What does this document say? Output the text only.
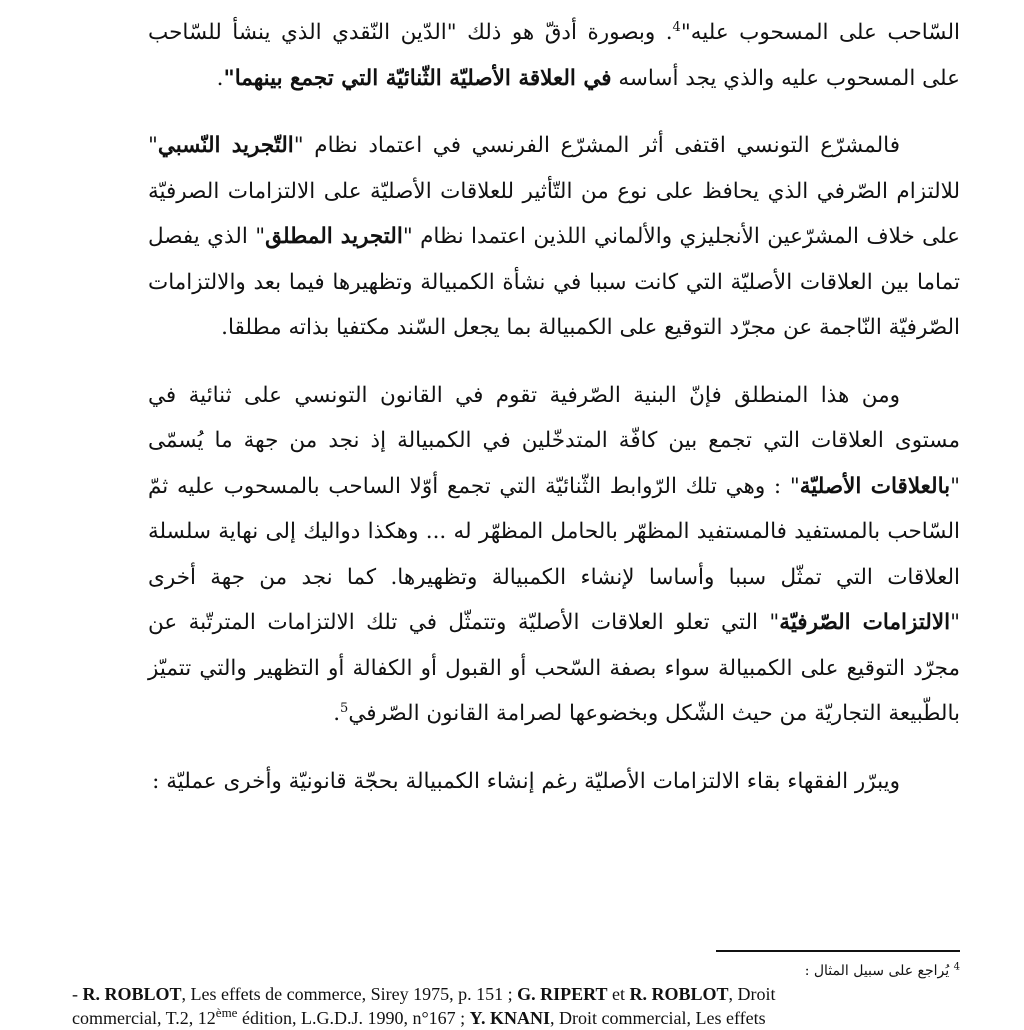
السّاحب على المسحوب عليه"$^4$. وبصورة أدقّ هو ذلك "الدّين النّقدي الذي ينشأ للسّاحب على المسحوب عليه والذي يجد أساسه في العلاقة الأصليّة الثّنائيّة التي تجمع بينهما".

فالمشرّع التونسي اقتفى أثر المشرّع الفرنسي في اعتماد نظام "التّجريد النّسبي" للالتزام الصّرفي الذي يحافظ على نوع من التّأثير للعلاقات الأصليّة على الالتزامات الصرفيّة على خلاف المشرّعين الأنجليزي والألماني اللذين اعتمدا نظام "التجريد المطلق" الذي يفصل تماما بين العلاقات الأصليّة التي كانت سببا في نشأة الكمبيالة وتظهيرها فيما بعد والالتزامات الصّرفيّة النّاجمة عن مجرّد التوقيع على الكمبيالة بما يجعل السّند مكتفيا بذاته مطلقا.

ومن هذا المنطلق فإنّ البنية الصّرفية تقوم في القانون التونسي على ثنائية في مستوى العلاقات التي تجمع بين كافّة المتدخّلين في الكمبيالة إذ نجد من جهة ما يُسمّى "بالعلاقات الأصليّة" : وهي تلك الرّوابط الثّنائيّة التي تجمع أوّلا الساحب بالمسحوب عليه ثمّ السّاحب بالمستفيد فالمستفيد المظهّر بالحامل المظهّر له ... وهكذا دواليك إلى نهاية سلسلة العلاقات التي تمثّل سببا وأساسا لإنشاء الكمبيالة وتظهيرها. كما نجد من جهة أخرى "الالتزامات الصّرفيّة" التي تعلو العلاقات الأصليّة وتتمثّل في تلك الالتزامات المترتّبة عن مجرّد التوقيع على الكمبيالة سواء بصفة السّحب أو القبول أو الكفالة أو التظهير والتي تتميّز بالطّبيعة التجاريّة من حيث الشّكل وبخضوعها لصرامة القانون الصّرفي$^5$.

ويبرّر الفقهاء بقاء الالتزامات الأصليّة رغم إنشاء الكمبيالة بحجّة قانونيّة وأخرى عمليّة :

$^4$ يُراجع على سبيل المثال :
- R. ROBLOT, Les effets de commerce, Sirey 1975, p. 151 ; G. RIPERT et R. ROBLOT, Droit
commercial, T.2, 12ème édition, L.G.D.J. 1990, n°167 ; Y. KNANI, Droit commercial, Les effets
